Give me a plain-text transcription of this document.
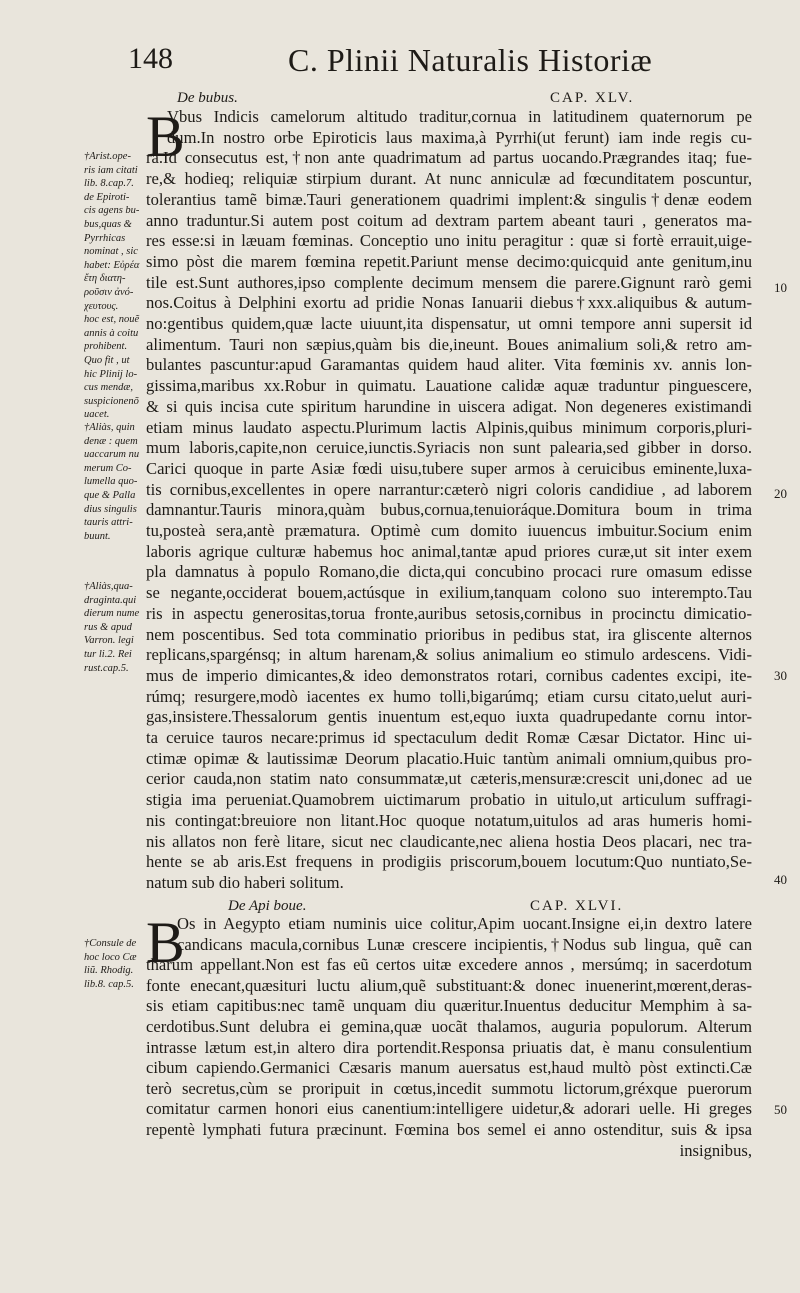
148	C. Plinii Naturalis Historiæ
De bubus.	CAP. XLV.
B
Vbus Indicis camelorum altitudo traditur,cornua in latitudinem quaternorum pe
dum.In nostro orbe Epiroticis laus maxima,à Pyrrhi(ut ferunt) iam inde regis cu-
ra.Id consecutus est,†non ante quadrimatum ad partus uocando.Prægrandes itaq; fue-
re,& hodieq; reliquiæ stirpium durant. At nunc anniculæ ad fœcunditatem poscuntur,
tolerantius tamẽ bimæ.Tauri generationem quadrimi implent:& singulis†denæ eodem
anno traduntur.Si autem post coitum ad dextram partem abeant tauri , generatos ma-
res esse:si in læuam fœminas. Conceptio uno initu peragitur : quæ si fortè errauit,uige-
simo pòst die marem fœmina repetit.Pariunt mense decimo:quicquid ante genitum,inu
tile est.Sunt authores,ipso complente decimum mensem die parere.Gignunt rarò gemi
nos.Coitus à Delphini exortu ad pridie Nonas Ianuarii diebus†xxx.aliquibus & autum-
no:gentibus quidem,quæ lacte uiuunt,ita dispensatur, ut omni tempore anni supersit id
alimentum. Tauri non sæpius,quàm bis die,ineunt. Boues animalium soli,& retro am-
bulantes pascuntur:apud Garamantas quidem haud aliter. Vita fœminis xv. annis lon-
gissima,maribus xx.Robur in quimatu. Lauatione calidæ aquæ traduntur pinguescere,
& si quis incisa cute spiritum harundine in uiscera adigat. Non degeneres existimandi
etiam minus laudato aspectu.Plurimum lactis Alpinis,quibus minimum corporis,pluri-
mum laboris,capite,non ceruice,iunctis.Syriacis non sunt palearia,sed gibber in dorso.
Carici quoque in parte Asiæ fœdi uisu,tubere super armos à ceruicibus eminente,luxa-
tis cornibus,excellentes in opere narrantur:cæterò nigri coloris candidiue , ad laborem
damnantur.Tauris minora,quàm bubus,cornua,tenuioráque.Domitura boum in trima
tu,posteà sera,antè præmatura. Optimè cum domito iuuencus imbuitur.Socium enim
laboris agrique culturæ habemus hoc animal,tantæ apud priores curæ,ut sit inter exem
pla damnatus à populo Romano,die dicta,qui concubino procaci rure omasum edisse
se negante,occiderat bouem,actúsque in exilium,tanquam colono suo interempto.Tau
ris in aspectu generositas,torua fronte,auribus setosis,cornibus in procinctu dimicatio-
nem poscentibus. Sed tota comminatio prioribus in pedibus stat, ira gliscente alternos
replicans,spargénsq; in altum harenam,& solius animalium eo stimulo ardescens. Vidi-
mus de imperio dimicantes,& ideo demonstratos rotari, cornibus cadentes excipi, ite-
rúmq; resurgere,modò iacentes ex humo tolli,bigarúmq; etiam cursu citato,uelut auri-
gas,insistere.Thessalorum gentis inuentum est,equo iuxta quadrupedante cornu intor-
ta ceruice tauros necare:primus id spectaculum dedit Romæ Cæsar Dictator. Hinc ui-
ctimæ opimæ & lautissimæ Deorum placatio.Huic tantùm animali omnium,quibus pro-
cerior cauda,non statim nato consummatæ,ut cæteris,mensuræ:crescit uni,donec ad ue
stigia ima perueniat.Quamobrem uictimarum probatio in uitulo,ut articulum suffragi-
nis contingat:breuiore non litant.Hoc quoque notatum,uitulos ad aras humeris homi-
nis allatos non ferè litare, sicut nec claudicante,nec aliena hostia Deos placari, nec tra-
hente se ab aris.Est frequens in prodigiis priscorum,bouem locutum:Quo nuntiato,Se-
natum sub dio haberi solitum.
De Api boue.	CAP. XLVI.
B
Os in Aegypto etiam numinis uice colitur,Apim uocant.Insigne ei,in dextro latere
candicans macula,cornibus Lunæ crescere incipientis,†Nodus sub lingua, quẽ can
tharum appellant.Non est fas eũ certos uitæ excedere annos , mersúmq; in sacerdotum
fonte enecant,quæsituri luctu alium,quẽ substituant:& donec inuenerint,mœrent,deras-
sis etiam capitibus:nec tamẽ unquam diu quæritur.Inuentus deducitur Memphim à sa-
cerdotibus.Sunt delubra ei gemina,quæ uocãt thalamos, auguria populorum. Alterum
intrasse lætum est,in altero dira portendit.Responsa priuatis dat, è manu consulentium
cibum capiendo.Germanici Cæsaris manum auersatus est,haud multò pòst extincti.Cæ
terò secretus,cùm se proripuit in cœtus,incedit summotu lictorum,gréxque puerorum
comitatur carmen honori eius canentium:intelligere uidetur,& adorari uelle. Hi greges
repentè lymphati futura præcinunt. Fœmina bos semel ei anno ostenditur, suis & ipsa
insignibus,
†Arist.ope-
ris iam citati
lib. 8.cap.7.
de Epiroti-
cis agens bu-
bus,quas &
Pyrrhicas
nominat , sic
habet: Εὐρέα
ἔτη διατη-
ροῦσιν ἀνό-
χευτους.
hoc est, nouẽ
annis à coitu
prohibent.
Quo fit , ut
hic Plinij lo-
cus mendæ,
suspicionenõ
uacet.
†Aliàs, quin
denæ : quem
uaccarum nu
merum Co-
lumella quo-
que & Palla
dius singulis
tauris attri-
buunt.
†Aliàs,qua-
draginta.qui
dierum nume
rus & apud
Varron. legi
tur li.2. Rei
rust.cap.5.
†Consule de
hoc loco Cæ
liũ. Rhodig.
lib.8. cap.5.
10
20
30
40
50
